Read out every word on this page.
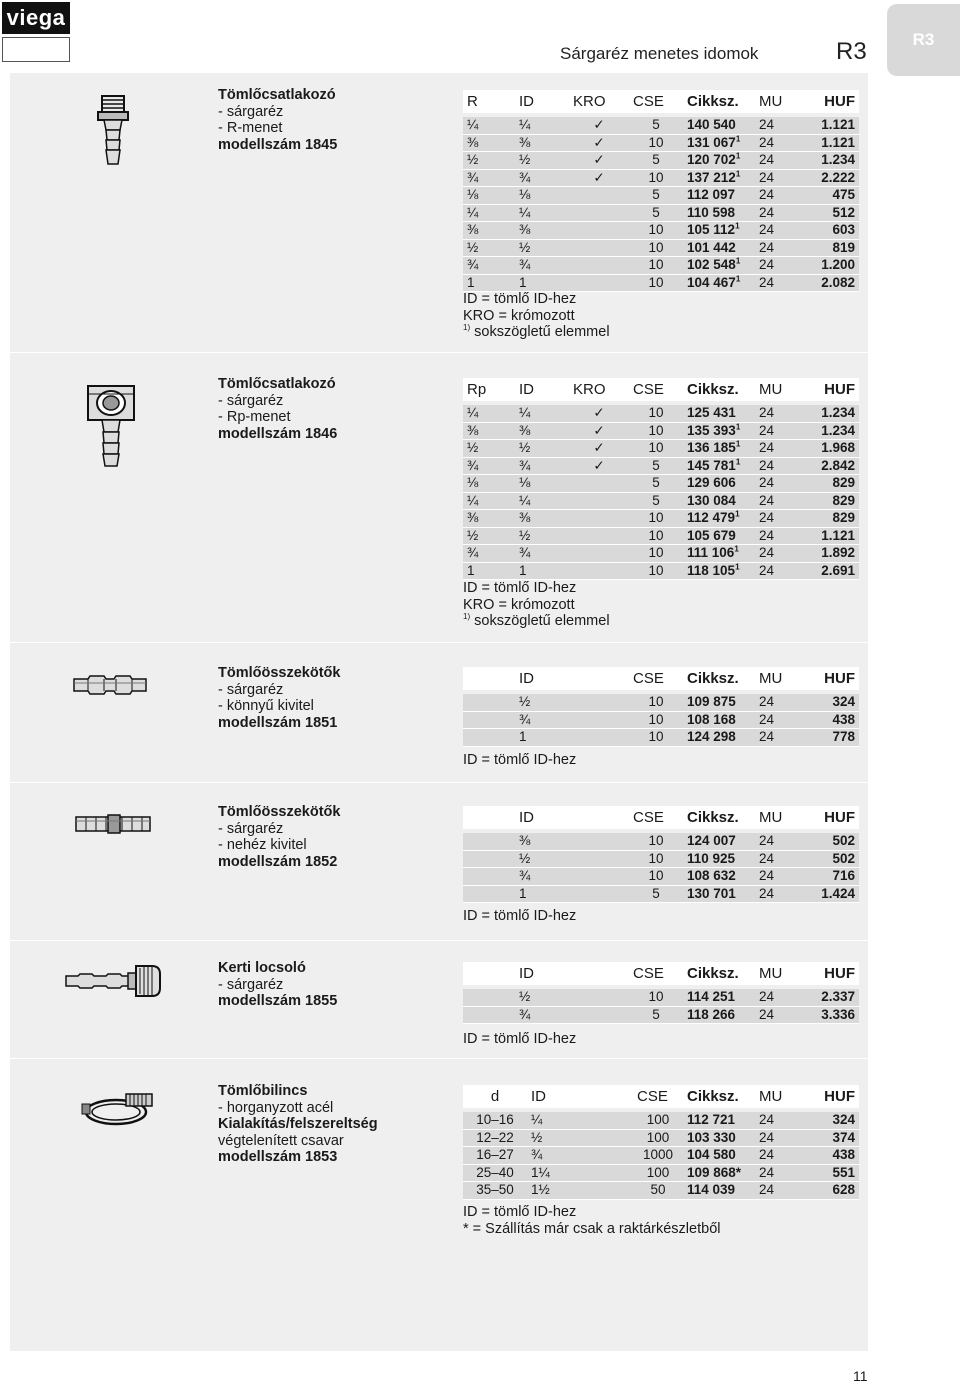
viega
Sárgaréz menetes idomok	R3	R3
Tömlőcsatlakozó
- sárgaréz
- R-menet
modellszám 1845
R	ID	KRO	CSE	Cikksz.	MU	HUF

¼	¼	✓	5	140 540	24	1.121
⅜	⅜	✓	10	131 $067^1$	24	1.121
½	½	✓	5	120 $702^1$	24	1.234
¾	¾	✓	10	137 $212^1$	24	2.222
⅛	⅛		5	112 097	24	475
¼	¼		5	110 598	24	512
⅜	⅜		10	105 $112^1$	24	603
½	½		10	101 442	24	819
¾	¾		10	102 $548^1$	24	1.200
1	1		10	104 $467^1$	24	2.082
ID = tömlő ID-hez
KRO = krómozott
$^{1)}$ sokszögletű elemmel
Tömlőcsatlakozó
- sárgaréz
- Rp-menet
modellszám 1846
Rp	ID	KRO	CSE	Cikksz.	MU	HUF

¼	¼	✓	10	125 431	24	1.234
⅜	⅜	✓	10	135 $393^1$	24	1.234
½	½	✓	10	136 $185^1$	24	1.968
¾	¾	✓	5	145 $781^1$	24	2.842
⅛	⅛		5	129 606	24	829
¼	¼		5	130 084	24	829
⅜	⅜		10	112 $479^1$	24	829
½	½		10	105 679	24	1.121
¾	¾		10	111 $106^1$	24	1.892
1	1		10	118 $105^1$	24	2.691
ID = tömlő ID-hez
KRO = krómozott
$^{1)}$ sokszögletű elemmel
Tömlőösszekötők
- sárgaréz
- könnyű kivitel
modellszám 1851
	ID	CSE	Cikksz.	MU	HUF

	½	10	109 875	24	324
	¾	10	108 168	24	438
	1	10	124 298	24	778
ID = tömlő ID-hez
Tömlőösszekötők
- sárgaréz
- nehéz kivitel
modellszám 1852
	ID	CSE	Cikksz.	MU	HUF

	⅜	10	124 007	24	502
	½	10	110 925	24	502
	¾	10	108 632	24	716
	1	5	130 701	24	1.424
ID = tömlő ID-hez
Kerti locsoló
- sárgaréz
modellszám 1855
	ID	CSE	Cikksz.	MU	HUF

	½	10	114 251	24	2.337
	¾	5	118 266	24	3.336
ID = tömlő ID-hez
Tömlőbilincs
- horganyzott acél
Kialakítás/felszereltség
végtelenített csavar
modellszám 1853
d	ID	CSE	Cikksz.	MU	HUF

10–16	¼	100	112 721	24	324
12–22	½	100	103 330	24	374
16–27	¾	1000	104 580	24	438
25–40	1¼	100	109 868*	24	551
35–50	1½	50	114 039	24	628
ID = tömlő ID-hez
* = Szállítás már csak a raktárkészletből
11
